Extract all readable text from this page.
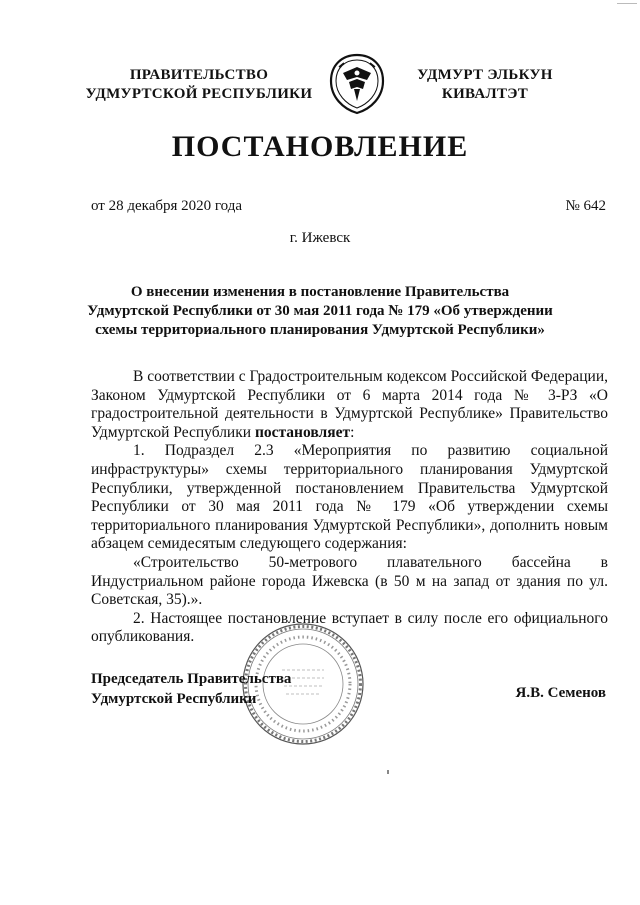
ПРАВИТЕЛЬСТВО
УДМУРТСКОЙ РЕСПУБЛИКИ
УДМУРТ ЭЛЬКУН
КИВАЛТЭТ
ПОСТАНОВЛЕНИЕ
от 28 декабря 2020 года	№ 642
г. Ижевск
О внесении изменения в постановление Правительства
Удмуртской Республики от 30 мая 2011 года № 179 «Об утверждении
схемы территориального планирования Удмуртской Республики»

В соответствии с Градостроительным кодексом Российской Федерации, Законом Удмуртской Республики от 6 марта 2014 года № 3-РЗ «О градостроительной деятельности в Удмуртской Республике» Правительство Удмуртской Республики постановляет:

1. Подраздел 2.3 «Мероприятия по развитию социальной инфраструктуры» схемы территориального планирования Удмуртской Республики, утвержденной постановлением Правительства Удмуртской Республики от 30 мая 2011 года № 179 «Об утверждении схемы территориального планирования Удмуртской Республики», дополнить новым абзацем семидесятым следующего содержания:

«Строительство 50-метрового плавательного бассейна в Индустриальном районе города Ижевска (в 50 м на запад от здания по ул. Советская, 35).».

2. Настоящее постановление вступает в силу после его официального опубликования.

Председатель Правительства
Удмуртской Республики	Я.В. Семенов
